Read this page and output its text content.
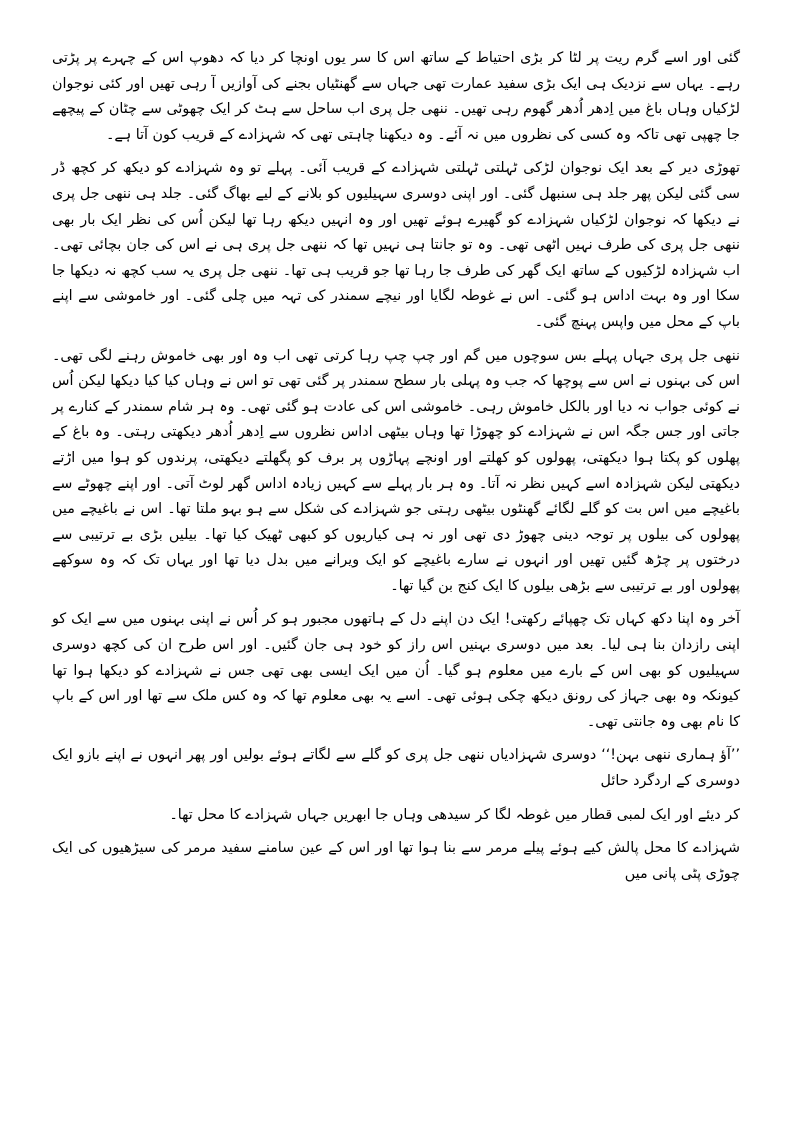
گئی اور اسے گرم ریت پر لٹا کر بڑی احتیاط کے ساتھ اس کا سر یوں اونچا کر دیا کہ دھوپ اس کے چہرے پر پڑتی رہے۔ یہاں سے نزدیک ہی ایک بڑی سفید عمارت تھی جہاں سے گھنٹیاں بجنے کی آوازیں آ رہی تھیں اور کئی نوجوان لڑکیاں وہاں باغ میں اِدھر اُدھر گھوم رہی تھیں۔ ننھی جل پری اب ساحل سے ہٹ کر ایک چھوٹی سے چٹان کے پیچھے جا چھپی تھی تاکہ وہ کسی کی نظروں میں نہ آئے۔ وہ دیکھنا چاہتی تھی کہ شہزادے کے قریب کون آتا ہے۔

تھوڑی دیر کے بعد ایک نوجوان لڑکی ٹہلتی ٹہلتی شہزادے کے قریب آئی۔ پہلے تو وہ شہزادے کو دیکھ کر کچھ ڈر سی گئی لیکن پھر جلد ہی سنبھل گئی۔ اور اپنی دوسری سہیلیوں کو بلانے کے لیے بھاگ گئی۔ جلد ہی ننھی جل پری نے دیکھا کہ نوجوان لڑکیاں شہزادے کو گھیرے ہوئے تھیں اور وہ انہیں دیکھ رہا تھا لیکن اُس کی نظر ایک بار بھی ننھی جل پری کی طرف نہیں اٹھی تھی۔ وہ تو جانتا ہی نہیں تھا کہ ننھی جل پری ہی نے اس کی جان بچائی تھی۔ اب شہزادہ لڑکیوں کے ساتھ ایک گھر کی طرف جا رہا تھا جو قریب ہی تھا۔ ننھی جل پری یہ سب کچھ نہ دیکھا جا سکا اور وہ بہت اداس ہو گئی۔ اس نے غوطہ لگایا اور نیچے سمندر کی تہہ میں چلی گئی۔ اور خاموشی سے اپنے باپ کے محل میں واپس پہنچ گئی۔

ننھی جل پری جہاں پہلے بس سوچوں میں گم اور چپ چپ رہا کرتی تھی اب وہ اور بھی خاموش رہنے لگی تھی۔ اس کی بہنوں نے اس سے پوچھا کہ جب وہ پہلی بار سطح سمندر پر گئی تھی تو اس نے وہاں کیا کیا دیکھا لیکن اُس نے کوئی جواب نہ دیا اور بالکل خاموش رہی۔ خاموشی اس کی عادت ہو گئی تھی۔ وہ ہر شام سمندر کے کنارے پر جاتی اور جس جگہ اس نے شہزادے کو چھوڑا تھا وہاں بیٹھی اداس نظروں سے اِدھر اُدھر دیکھتی رہتی۔ وہ باغ کے پھلوں کو پکتا ہوا دیکھتی، پھولوں کو کھلتے اور اونچے پہاڑوں پر برف کو پگھلتے دیکھتی، پرندوں کو ہوا میں اڑتے دیکھتی لیکن شہزادہ اسے کہیں نظر نہ آتا۔ وہ ہر بار پہلے سے کہیں زیادہ اداس گھر لوٹ آتی۔ اور اپنے چھوٹے سے باغیچے میں اس بت کو گلے لگائے گھنٹوں بیٹھی رہتی جو شہزادے کی شکل سے ہو بہو ملتا تھا۔ اس نے باغیچے میں پھولوں کی بیلوں پر توجہ دینی چھوڑ دی تھی اور نہ ہی کیاریوں کو کبھی ٹھیک کیا تھا۔ بیلیں بڑی بے ترتیبی سے درختوں پر چڑھ گئیں تھیں اور انہوں نے سارے باغیچے کو ایک ویرانے میں بدل دیا تھا اور یہاں تک کہ وہ سوکھے پھولوں اور بے ترتیبی سے بڑھی بیلوں کا ایک کنج بن گیا تھا۔

آخر وہ اپنا دکھ کہاں تک چھپائے رکھتی! ایک دن اپنے دل کے ہاتھوں مجبور ہو کر اُس نے اپنی بہنوں میں سے ایک کو اپنی رازدان بنا ہی لیا۔ بعد میں دوسری بہنیں اس راز کو خود ہی جان گئیں۔ اور اس طرح ان کی کچھ دوسری سہیلیوں کو بھی اس کے بارے میں معلوم ہو گیا۔ اُن میں ایک ایسی بھی تھی جس نے شہزادے کو دیکھا ہوا تھا کیونکہ وہ بھی جہاز کی رونق دیکھ چکی ہوئی تھی۔ اسے یہ بھی معلوم تھا کہ وہ کس ملک سے تھا اور اس کے باپ کا نام بھی وہ جانتی تھی۔

’’آؤ ہماری ننھی بہن!‘‘ دوسری شہزادیاں ننھی جل پری کو گلے سے لگاتے ہوئے بولیں اور پھر انہوں نے اپنے بازو ایک دوسری کے اردگرد حائل

کر دیئے اور ایک لمبی قطار میں غوطہ لگا کر سیدھی وہاں جا ابھریں جہاں شہزادے کا محل تھا۔

شہزادے کا محل پالش کیے ہوئے پیلے مرمر سے بنا ہوا تھا اور اس کے عین سامنے سفید مرمر کی سیڑھیوں کی ایک چوڑی پٹی پانی میں
